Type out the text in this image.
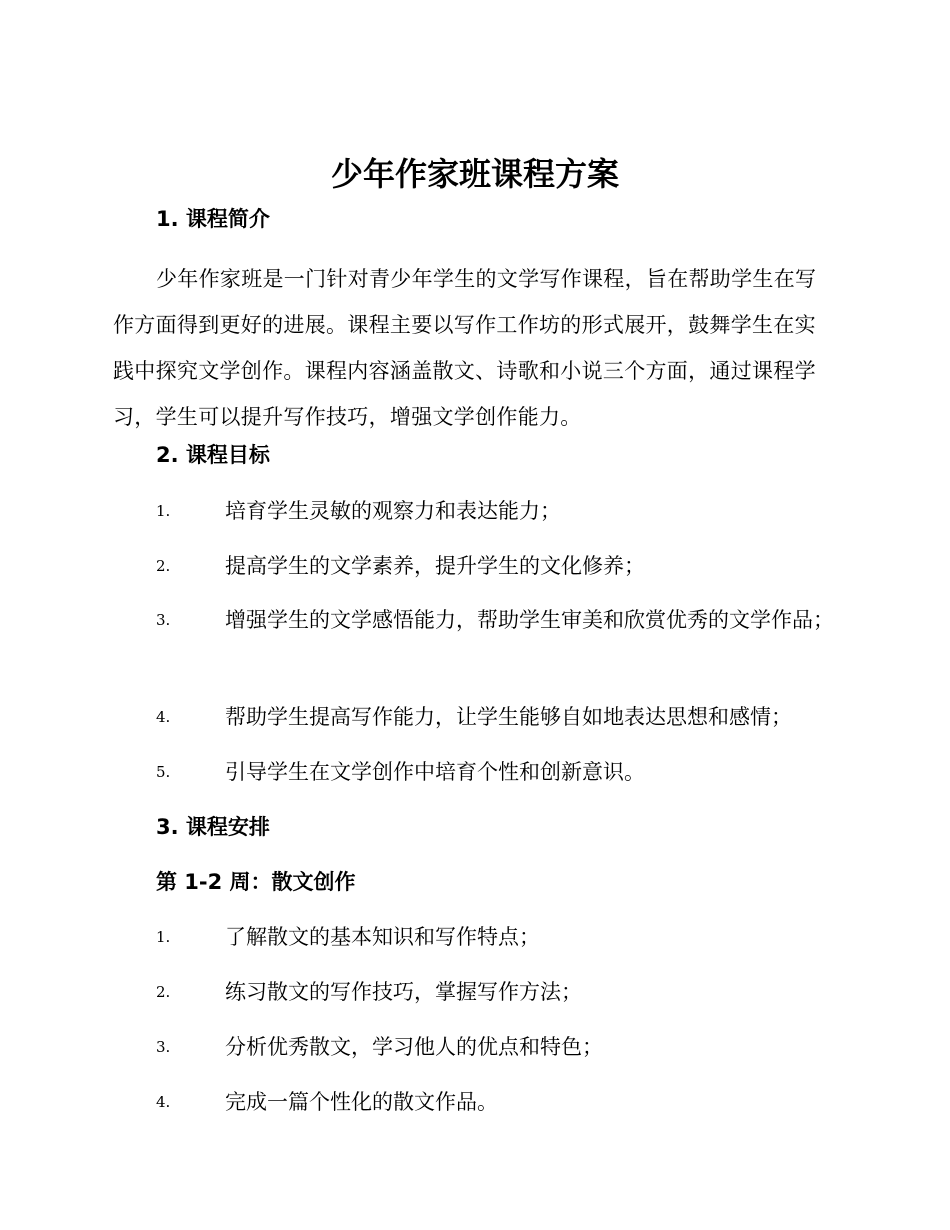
少年作家班课程方案
1. 课程简介
少年作家班是一门针对青少年学生的文学写作课程，旨在帮助学生在写作方面得到更好的进展。课程主要以写作工作坊的形式展开，鼓舞学生在实践中探究文学创作。课程内容涵盖散文、诗歌和小说三个方面，通过课程学习，学生可以提升写作技巧，增强文学创作能力。
2. 课程目标
1.	培育学生灵敏的观察力和表达能力；
2.	提高学生的文学素养，提升学生的文化修养；
3.	增强学生的文学感悟能力，帮助学生审美和欣赏优秀的文学作品；
4.	帮助学生提高写作能力，让学生能够自如地表达思想和感情；
5.	引导学生在文学创作中培育个性和创新意识。
3. 课程安排
第 1-2 周：散文创作
1.	了解散文的基本知识和写作特点；
2.	练习散文的写作技巧，掌握写作方法；
3.	分析优秀散文，学习他人的优点和特色；
4.	完成一篇个性化的散文作品。
